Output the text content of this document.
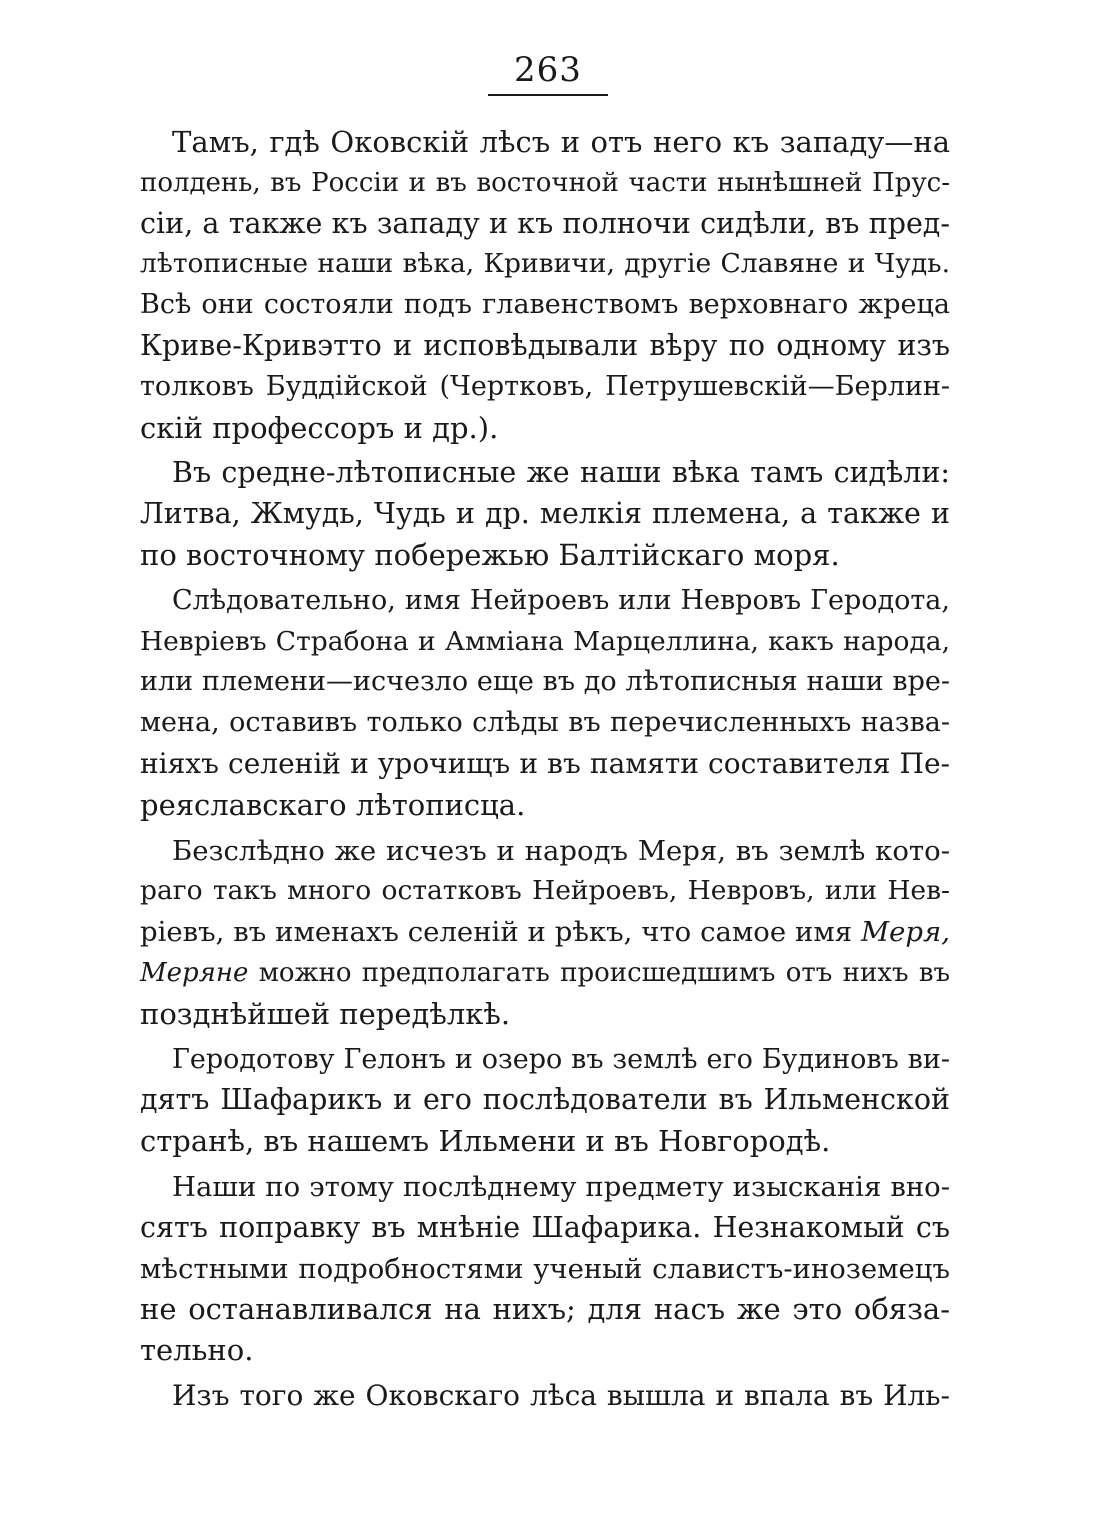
263
Тамъ, гдѣ Оковскій лѣсъ и отъ него къ западу—на
полдень, въ Россіи и въ восточной части нынѣшней Прус-
сіи, а также къ западу и къ полночи сидѣли, въ пред-
лѣтописные наши вѣка, Кривичи, другіе Славяне и Чудь.
Всѣ они состояли подъ главенствомъ верховнаго жреца
Криве-Кривэтто и исповѣдывали вѣру по одному изъ
толковъ Буддійской (Чертковъ, Петрушевскій—Берлин-
скій профессоръ и др.).
Въ средне-лѣтописные же наши вѣка тамъ сидѣли:
Литва, Жмудь, Чудь и др. мелкія племена, а также и
по восточному побережью Балтійскаго моря.
Слѣдовательно, имя Нейроевъ или Невровъ Геродота,
Невріевъ Страбона и Амміана Марцеллина, какъ народа,
или племени—исчезло еще въ до лѣтописныя наши вре-
мена, оставивъ только слѣды въ перечисленныхъ назва-
ніяхъ селеній и урочищъ и въ памяти составителя Пе-
реяславскаго лѣтописца.
Безслѣдно же исчезъ и народъ Меря, въ землѣ кото-
раго такъ много остатковъ Нейроевъ, Невровъ, или Нев-
ріевъ, въ именахъ селеній и рѣкъ, что самое имя Меря,
Меряне можно предполагать происшедшимъ отъ нихъ въ
позднѣйшей передѣлкѣ.
Геродотову Гелонъ и озеро въ землѣ его Будиновъ ви-
дятъ Шафарикъ и его послѣдователи въ Ильменской
странѣ, въ нашемъ Ильмени и въ Новгородѣ.
Наши по этому послѣднему предмету изысканія вно-
сятъ поправку въ мнѣніе Шафарика. Незнакомый съ
мѣстными подробностями ученый славистъ-иноземецъ
не останавливался на нихъ; для насъ же это обяза-
тельно.
Изъ того же Оковскаго лѣса вышла и впала въ Иль-
